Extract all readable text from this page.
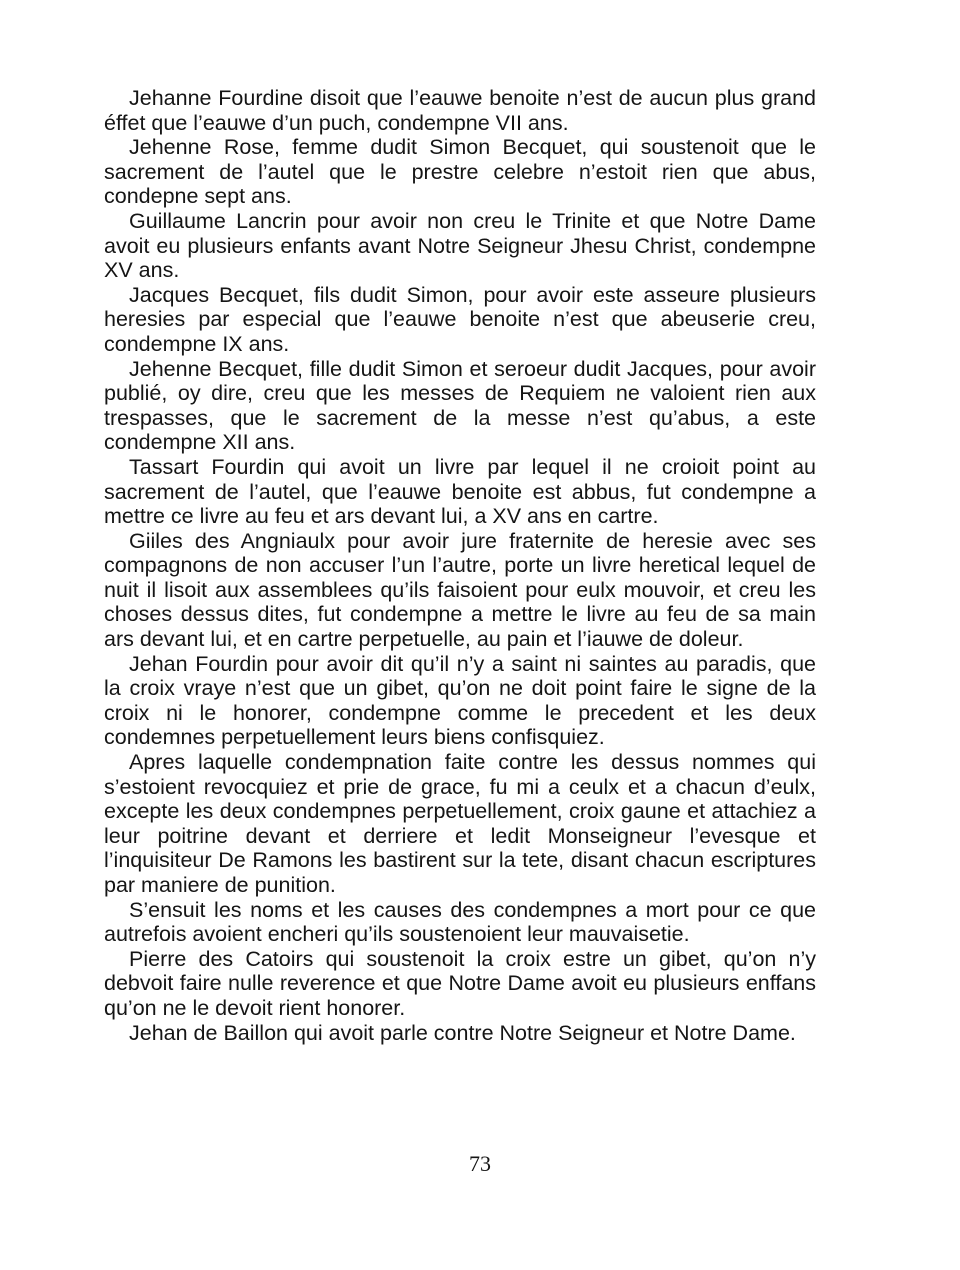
Jehanne Fourdine disoit que l’eauwe benoite n’est de aucun plus grand éffet que l’eauwe d’un puch, condempne VII ans.

Jehenne Rose, femme dudit Simon Becquet, qui soustenoit que le sacrement de l’autel que le prestre celebre n’estoit rien que abus, condepne sept ans.

Guillaume Lancrin pour avoir non creu le Trinite et que Notre Dame avoit eu plusieurs enfants avant Notre Seigneur Jhesu Christ, condempne XV ans.

Jacques Becquet, fils dudit Simon, pour avoir este asseure plusieurs heresies par especial que l’eauwe benoite n’est que abeuserie creu, condempne IX ans.

Jehenne Becquet, fille dudit Simon et seroeur dudit Jacques, pour avoir publié, oy dire, creu que les messes de Requiem ne valoient rien aux trespasses, que le sacrement de la messe n’est qu’abus, a este condempne XII ans.

Tassart Fourdin qui avoit un livre par lequel il ne croioit point au sacrement de l’autel, que l’eauwe benoite est abbus, fut condempne a mettre ce livre au feu et ars devant lui, a XV ans en cartre.

Giiles des Angniaulx pour avoir jure fraternite de heresie avec ses compagnons de non accuser l’un l’autre, porte un livre heretical lequel de nuit il lisoit aux assemblees qu’ils faisoient pour eulx mouvoir, et creu les choses dessus dites, fut condempne a mettre le livre au feu de sa main ars devant lui, et en cartre perpetuelle, au pain et l’iauwe de doleur.

Jehan Fourdin pour avoir dit qu’il n’y a saint ni saintes au paradis, que la croix vraye n’est que un gibet, qu’on ne doit point faire le signe de la croix ni le honorer, condempne comme le precedent et les deux condemnes perpetuellement leurs biens confisquiez.

Apres laquelle condempnation faite contre les dessus nommes qui s’estoient revocquiez et prie de grace, fu mi a ceulx et a chacun d’eulx, excepte les deux condempnes perpetuellement, croix gaune et attachiez a leur poitrine devant et derriere et ledit Monseigneur l’evesque et l’inquisiteur De Ramons les bastirent sur la tete, disant chacun escriptures par maniere de punition.

S’ensuit les noms et les causes des condempnes a mort pour ce que autrefois avoient encheri qu’ils soustenoient leur mauvaisetie.

Pierre des Catoirs qui soustenoit la croix estre un gibet, qu’on n’y debvoit faire nulle reverence et que Notre Dame avoit eu plusieurs enffans qu’on ne le devoit rient honorer.

Jehan de Baillon qui avoit parle contre Notre Seigneur et Notre Dame.

73
